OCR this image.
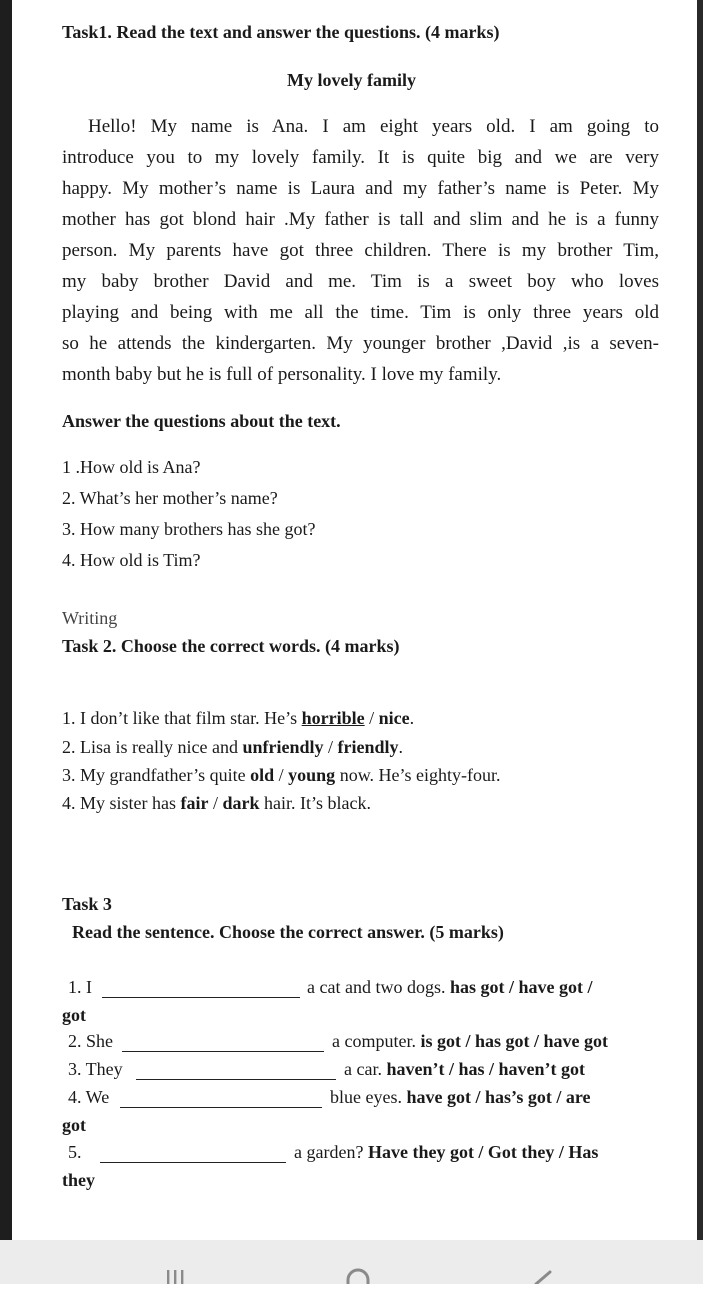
Task1. Read the text and answer the questions. (4 marks)
My lovely family
Hello! My name is Ana. I am eight years old. I am going to
introduce you to my lovely family. It is quite big and we are very
happy. My mother’s name is Laura and my father’s name is Peter. My
mother has got blond hair .My father is tall and slim and he is a funny
person. My parents have got three children. There is my brother Tim,
my baby brother David and me. Tim is a sweet boy who loves
playing and being with me all the time. Tim is only three years old
so he attends the kindergarten. My younger brother ,David ,is a seven-
month baby but he is full of personality. I love my family.
Answer the questions about the text.
1 .How old is Ana?
2. What’s her mother’s name?
3. How many brothers has she got?
4. How old is Tim?
Writing
Task 2. Choose the correct words. (4 marks)
1. I don’t like that film star. He’s horrible / nice.
2. Lisa is really nice and unfriendly / friendly.
3. My grandfather’s quite old / young now. He’s eighty-four.
4. My sister has fair / dark hair. It’s black.
Task 3
Read the sentence. Choose the correct answer. (5 marks)
1. I	a cat and two dogs. has got / have got /
got
2. She	a computer. is got / has got / have got
3. They	a car. haven’t / has / haven’t got
4. We	blue eyes. have got / has’s got / are
got
5.	a garden? Have they got / Got they / Has
they
